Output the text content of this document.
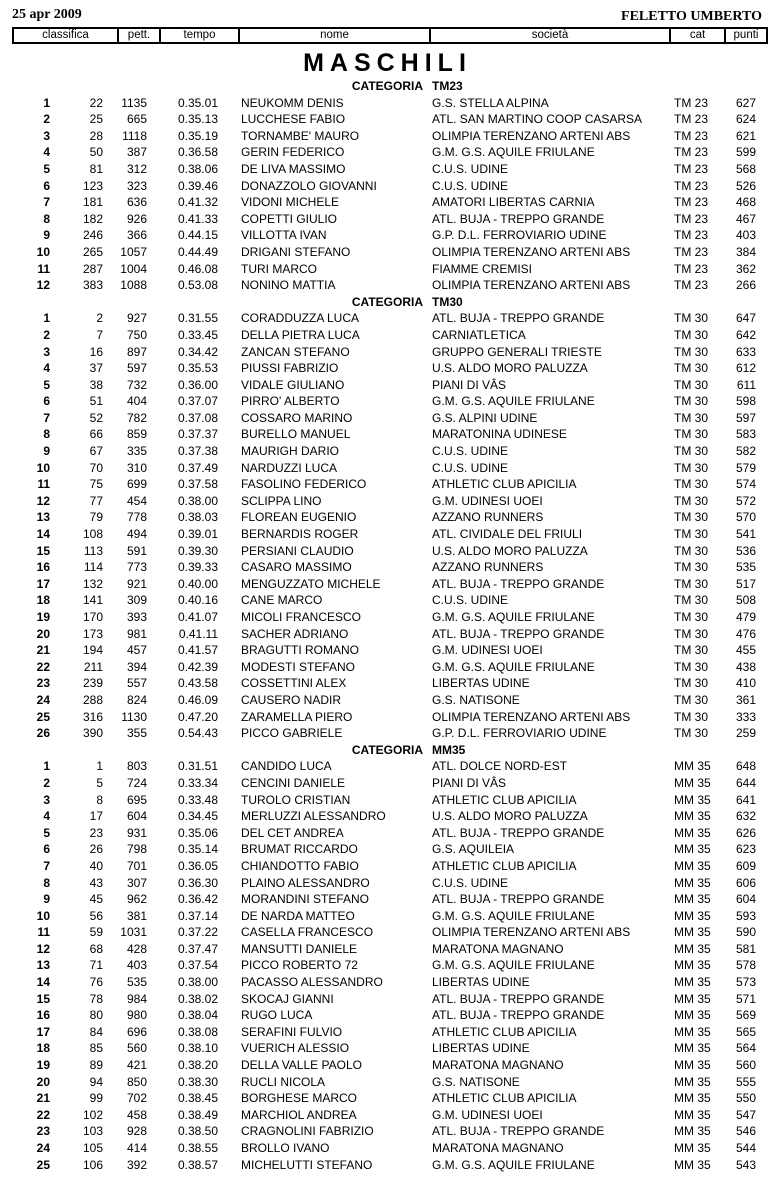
25 apr 2009	FELETTO UMBERTO
classifica	pett.	tempo	nome	società	cat	punti
MASCHILI
CATEGORIA TM23
1	22	1135	0.35.01 NEUKOMM DENIS	G.S. STELLA ALPINA	TM 23	627
2	25	665	0.35.13 LUCCHESE FABIO	ATL. SAN MARTINO COOP CASARSA	TM 23	624
3	28	1118	0.35.19 TORNAMBE' MAURO	OLIMPIA TERENZANO ARTENI ABS	TM 23	621
4	50	387	0.36.58 GERIN FEDERICO	G.M. G.S. AQUILE FRIULANE	TM 23	599
5	81	312	0.38.06 DE LIVA MASSIMO	C.U.S. UDINE	TM 23	568
6	123	323	0.39.46 DONAZZOLO GIOVANNI	C.U.S. UDINE	TM 23	526
7	181	636	0.41.32 VIDONI MICHELE	AMATORI LIBERTAS CARNIA	TM 23	468
8	182	926	0.41.33 COPETTI GIULIO	ATL. BUJA - TREPPO GRANDE	TM 23	467
9	246	366	0.44.15 VILLOTTA IVAN	G.P. D.L. FERROVIARIO UDINE	TM 23	403
10	265	1057	0.44.49 DRIGANI STEFANO	OLIMPIA TERENZANO ARTENI ABS	TM 23	384
11	287	1004	0.46.08 TURI MARCO	FIAMME CREMISI	TM 23	362
12	383	1088	0.53.08 NONINO MATTIA	OLIMPIA TERENZANO ARTENI ABS	TM 23	266
CATEGORIA TM30
1	2	927	0.31.55 CORADDUZZA LUCA	ATL. BUJA - TREPPO GRANDE	TM 30	647
2	7	750	0.33.45 DELLA PIETRA LUCA	CARNIATLETICA	TM 30	642
3	16	897	0.34.42 ZANCAN STEFANO	GRUPPO GENERALI TRIESTE	TM 30	633
4	37	597	0.35.53 PIUSSI FABRIZIO	U.S. ALDO MORO PALUZZA	TM 30	612
5	38	732	0.36.00 VIDALE GIULIANO	PIANI DI VÂS	TM 30	611
6	51	404	0.37.07 PIRRO' ALBERTO	G.M. G.S. AQUILE FRIULANE	TM 30	598
7	52	782	0.37.08 COSSARO MARINO	G.S. ALPINI UDINE	TM 30	597
8	66	859	0.37.37 BURELLO MANUEL	MARATONINA UDINESE	TM 30	583
9	67	335	0.37.38 MAURIGH DARIO	C.U.S. UDINE	TM 30	582
10	70	310	0.37.49 NARDUZZI LUCA	C.U.S. UDINE	TM 30	579
11	75	699	0.37.58 FASOLINO FEDERICO	ATHLETIC CLUB APICILIA	TM 30	574
12	77	454	0.38.00 SCLIPPA LINO	G.M. UDINESI UOEI	TM 30	572
13	79	778	0.38.03 FLOREAN EUGENIO	AZZANO RUNNERS	TM 30	570
14	108	494	0.39.01 BERNARDIS ROGER	ATL. CIVIDALE DEL FRIULI	TM 30	541
15	113	591	0.39.30 PERSIANI CLAUDIO	U.S. ALDO MORO PALUZZA	TM 30	536
16	114	773	0.39.33 CASARO MASSIMO	AZZANO RUNNERS	TM 30	535
17	132	921	0.40.00 MENGUZZATO MICHELE	ATL. BUJA - TREPPO GRANDE	TM 30	517
18	141	309	0.40.16 CANE MARCO	C.U.S. UDINE	TM 30	508
19	170	393	0.41.07 MICOLI FRANCESCO	G.M. G.S. AQUILE FRIULANE	TM 30	479
20	173	981	0.41.11 SACHER ADRIANO	ATL. BUJA - TREPPO GRANDE	TM 30	476
21	194	457	0.41.57 BRAGUTTI ROMANO	G.M. UDINESI UOEI	TM 30	455
22	211	394	0.42.39 MODESTI STEFANO	G.M. G.S. AQUILE FRIULANE	TM 30	438
23	239	557	0.43.58 COSSETTINI ALEX	LIBERTAS UDINE	TM 30	410
24	288	824	0.46.09 CAUSERO NADIR	G.S. NATISONE	TM 30	361
25	316	1130	0.47.20 ZARAMELLA PIERO	OLIMPIA TERENZANO ARTENI ABS	TM 30	333
26	390	355	0.54.43 PICCO GABRIELE	G.P. D.L. FERROVIARIO UDINE	TM 30	259
CATEGORIA MM35
1	1	803	0.31.51 CANDIDO LUCA	ATL. DOLCE NORD-EST	MM 35	648
2	5	724	0.33.34 CENCINI DANIELE	PIANI DI VÂS	MM 35	644
3	8	695	0.33.48 TUROLO CRISTIAN	ATHLETIC CLUB APICILIA	MM 35	641
4	17	604	0.34.45 MERLUZZI ALESSANDRO	U.S. ALDO MORO PALUZZA	MM 35	632
5	23	931	0.35.06 DEL CET ANDREA	ATL. BUJA - TREPPO GRANDE	MM 35	626
6	26	798	0.35.14 BRUMAT RICCARDO	G.S. AQUILEIA	MM 35	623
7	40	701	0.36.05 CHIANDOTTO FABIO	ATHLETIC CLUB APICILIA	MM 35	609
8	43	307	0.36.30 PLAINO ALESSANDRO	C.U.S. UDINE	MM 35	606
9	45	962	0.36.42 MORANDINI STEFANO	ATL. BUJA - TREPPO GRANDE	MM 35	604
10	56	381	0.37.14 DE NARDA MATTEO	G.M. G.S. AQUILE FRIULANE	MM 35	593
11	59	1031	0.37.22 CASELLA FRANCESCO	OLIMPIA TERENZANO ARTENI ABS	MM 35	590
12	68	428	0.37.47 MANSUTTI DANIELE	MARATONA MAGNANO	MM 35	581
13	71	403	0.37.54 PICCO ROBERTO 72	G.M. G.S. AQUILE FRIULANE	MM 35	578
14	76	535	0.38.00 PACASSO ALESSANDRO	LIBERTAS UDINE	MM 35	573
15	78	984	0.38.02 SKOCAJ GIANNI	ATL. BUJA - TREPPO GRANDE	MM 35	571
16	80	980	0.38.04 RUGO LUCA	ATL. BUJA - TREPPO GRANDE	MM 35	569
17	84	696	0.38.08 SERAFINI FULVIO	ATHLETIC CLUB APICILIA	MM 35	565
18	85	560	0.38.10 VUERICH ALESSIO	LIBERTAS UDINE	MM 35	564
19	89	421	0.38.20 DELLA VALLE PAOLO	MARATONA MAGNANO	MM 35	560
20	94	850	0.38.30 RUCLI NICOLA	G.S. NATISONE	MM 35	555
21	99	702	0.38.45 BORGHESE MARCO	ATHLETIC CLUB APICILIA	MM 35	550
22	102	458	0.38.49 MARCHIOL ANDREA	G.M. UDINESI UOEI	MM 35	547
23	103	928	0.38.50 CRAGNOLINI FABRIZIO	ATL. BUJA - TREPPO GRANDE	MM 35	546
24	105	414	0.38.55 BROLLO IVANO	MARATONA MAGNANO	MM 35	544
25	106	392	0.38.57 MICHELUTTI STEFANO	G.M. G.S. AQUILE FRIULANE	MM 35	543
